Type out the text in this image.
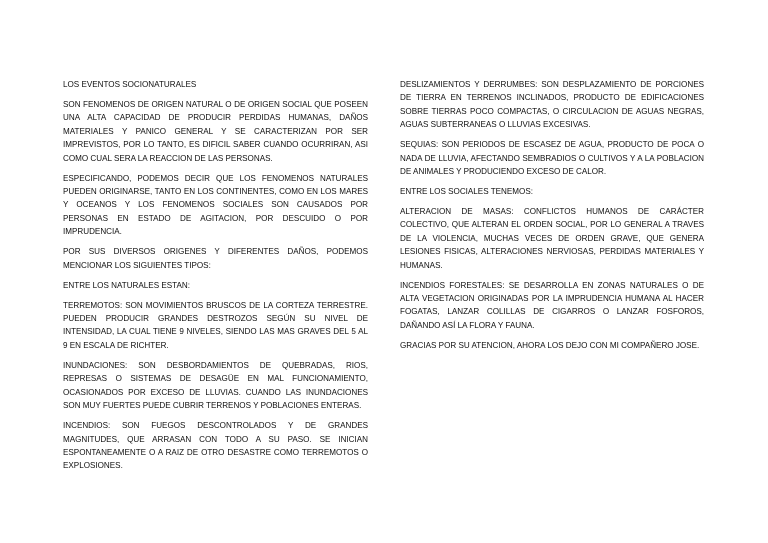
LOS EVENTOS SOCIONATURALES

SON FENOMENOS DE ORIGEN NATURAL O DE ORIGEN SOCIAL QUE POSEEN UNA ALTA CAPACIDAD DE PRODUCIR PERDIDAS HUMANAS, DAÑOS MATERIALES Y PANICO GENERAL Y SE CARACTERIZAN POR SER IMPREVISTOS, POR LO TANTO, ES DIFICIL SABER CUANDO OCURRIRAN, ASI COMO CUAL SERA LA REACCION DE LAS PERSONAS.

ESPECIFICANDO, PODEMOS DECIR QUE LOS FENOMENOS NATURALES PUEDEN ORIGINARSE, TANTO EN LOS CONTINENTES, COMO EN LOS MARES Y OCEANOS Y LOS FENOMENOS SOCIALES SON CAUSADOS POR PERSONAS EN ESTADO DE AGITACION, POR DESCUIDO O POR IMPRUDENCIA.

POR SUS DIVERSOS ORIGENES Y DIFERENTES DAÑOS, PODEMOS MENCIONAR LOS SIGUIENTES TIPOS:

ENTRE LOS NATURALES ESTAN:

TERREMOTOS: SON MOVIMIENTOS BRUSCOS DE LA CORTEZA TERRESTRE. PUEDEN PRODUCIR GRANDES DESTROZOS SEGÚN SU NIVEL DE INTENSIDAD, LA CUAL TIENE 9 NIVELES, SIENDO LAS MAS GRAVES DEL 5 AL 9 EN ESCALA DE RICHTER.

INUNDACIONES: SON DESBORDAMIENTOS DE QUEBRADAS, RIOS, REPRESAS O SISTEMAS DE DESAGÜE EN MAL FUNCIONAMIENTO, OCASIONADOS POR EXCESO DE LLUVIAS. CUANDO LAS INUNDACIONES SON MUY FUERTES PUEDE CUBRIR TERRENOS Y POBLACIONES ENTERAS.

INCENDIOS: SON FUEGOS DESCONTROLADOS Y DE GRANDES MAGNITUDES, QUE ARRASAN CON TODO A SU PASO. SE INICIAN ESPONTANEAMENTE O A RAIZ DE OTRO DESASTRE COMO TERREMOTOS O EXPLOSIONES.

DESLIZAMIENTOS Y DERRUMBES: SON DESPLAZAMIENTO DE PORCIONES DE TIERRA EN TERRENOS INCLINADOS, PRODUCTO DE EDIFICACIONES SOBRE TIERRAS POCO COMPACTAS, O CIRCULACION DE AGUAS NEGRAS, AGUAS SUBTERRANEAS O LLUVIAS EXCESIVAS.

SEQUIAS: SON PERIODOS DE ESCASEZ DE AGUA, PRODUCTO DE POCA O NADA DE LLUVIA, AFECTANDO SEMBRADIOS O CULTIVOS Y A LA POBLACION DE ANIMALES Y PRODUCIENDO EXCESO DE CALOR.

ENTRE LOS SOCIALES TENEMOS:

ALTERACION DE MASAS: CONFLICTOS HUMANOS DE CARÁCTER COLECTIVO, QUE ALTERAN EL ORDEN SOCIAL, POR LO GENERAL A TRAVES DE LA VIOLENCIA, MUCHAS VECES DE ORDEN GRAVE, QUE GENERA LESIONES FISICAS, ALTERACIONES NERVIOSAS, PERDIDAS MATERIALES Y HUMANAS.

INCENDIOS FORESTALES: SE DESARROLLA EN ZONAS NATURALES O DE ALTA VEGETACION ORIGINADAS POR LA IMPRUDENCIA HUMANA AL HACER FOGATAS, LANZAR COLILLAS DE CIGARROS O LANZAR FOSFOROS, DAÑANDO ASÍ LA FLORA Y FAUNA.

GRACIAS POR SU ATENCION, AHORA LOS DEJO CON MI COMPAÑERO JOSE.
